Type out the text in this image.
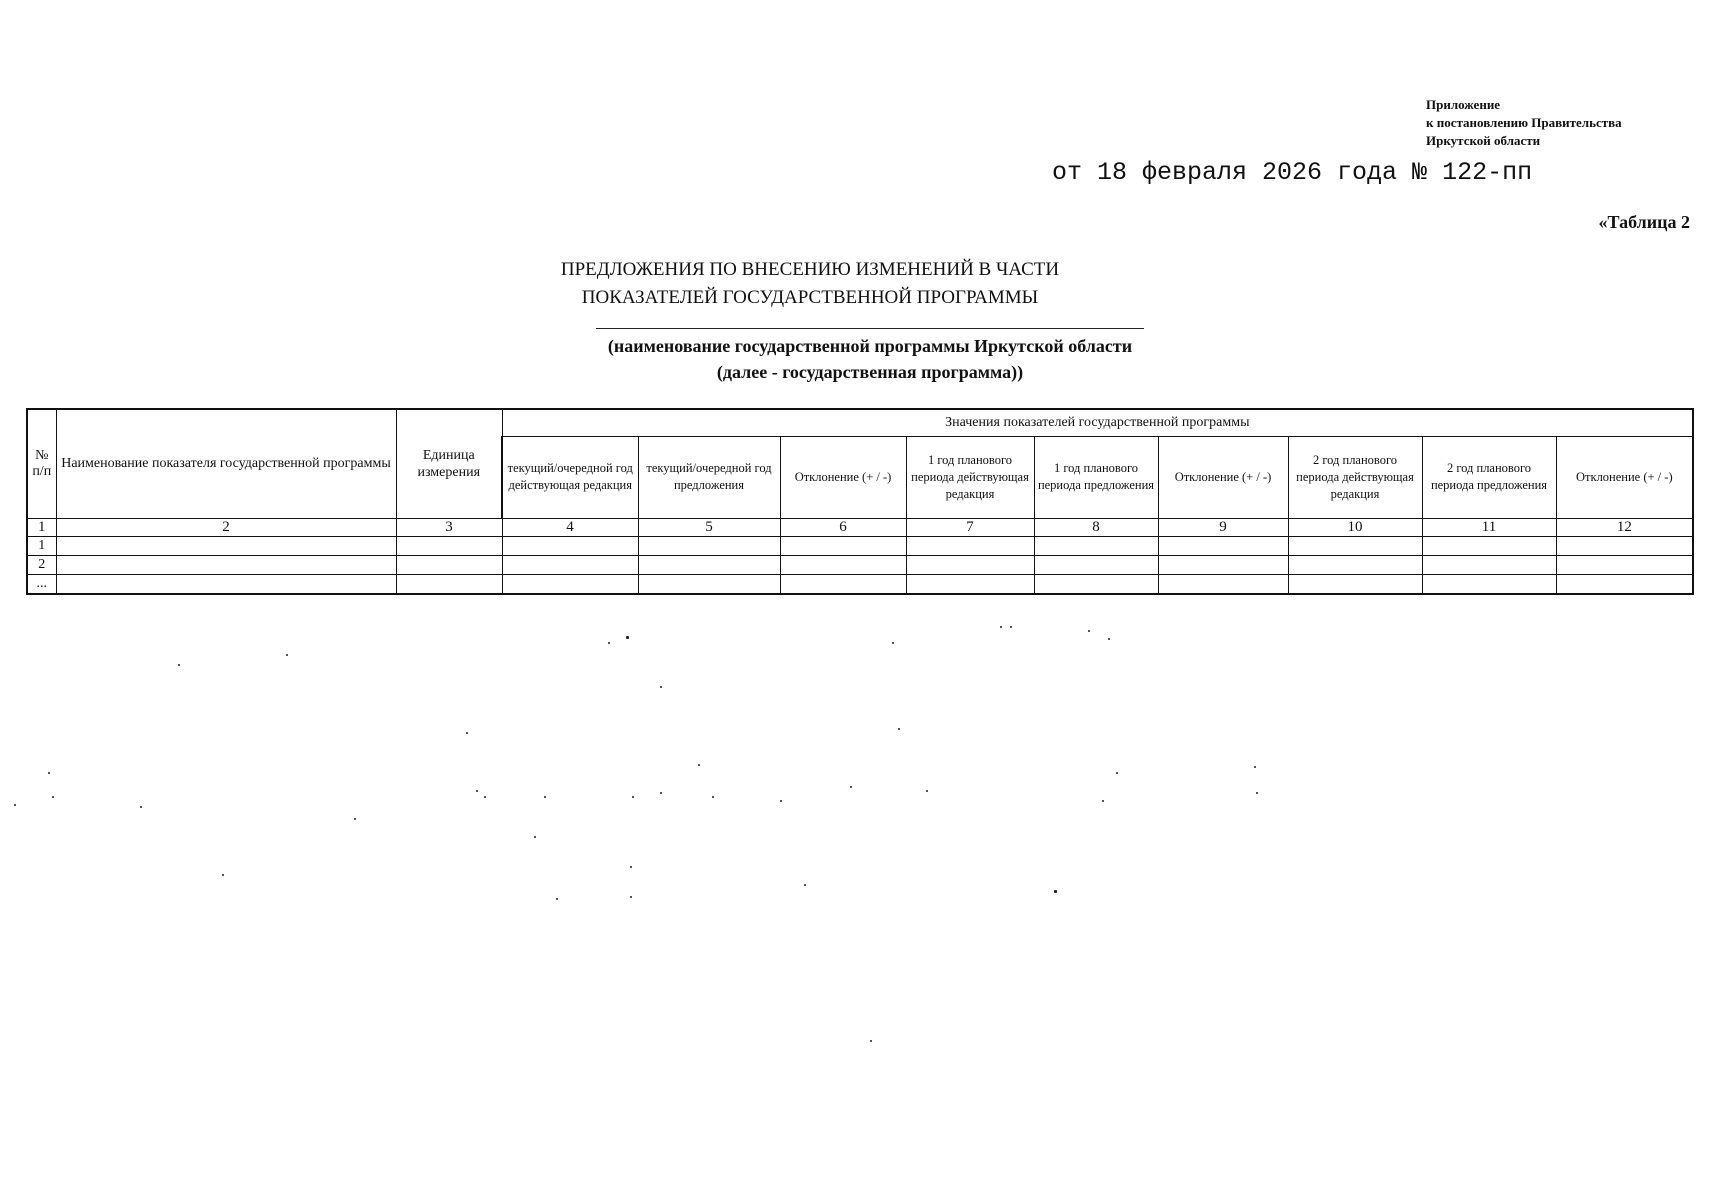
Приложение
к постановлению Правительства
Иркутской области
от 18 февраля 2026 года № 122-пп
«Таблица 2
ПРЕДЛОЖЕНИЯ ПО ВНЕСЕНИЮ ИЗМЕНЕНИЙ В ЧАСТИ
ПОКАЗАТЕЛЕЙ ГОСУДАРСТВЕННОЙ ПРОГРАММЫ
(наименование государственной программы Иркутской области
(далее - государственная программа))
№ п/п	Наименование показателя государственной программы	Единица измерения	Значения показателей государственной программы								
			текущий/очередной год действующая редакция	текущий/очередной год предложения	Отклонение (+ / -)	1 год планового периода действующая редакция	1 год планового периода предложения	Отклонение (+ / -)	2 год планового периода действующая редакция	2 год планового периода предложения	Отклонение (+ / -)
1	2	3	4	5	6	7	8	9	10	11	12
1											
2											
...											
